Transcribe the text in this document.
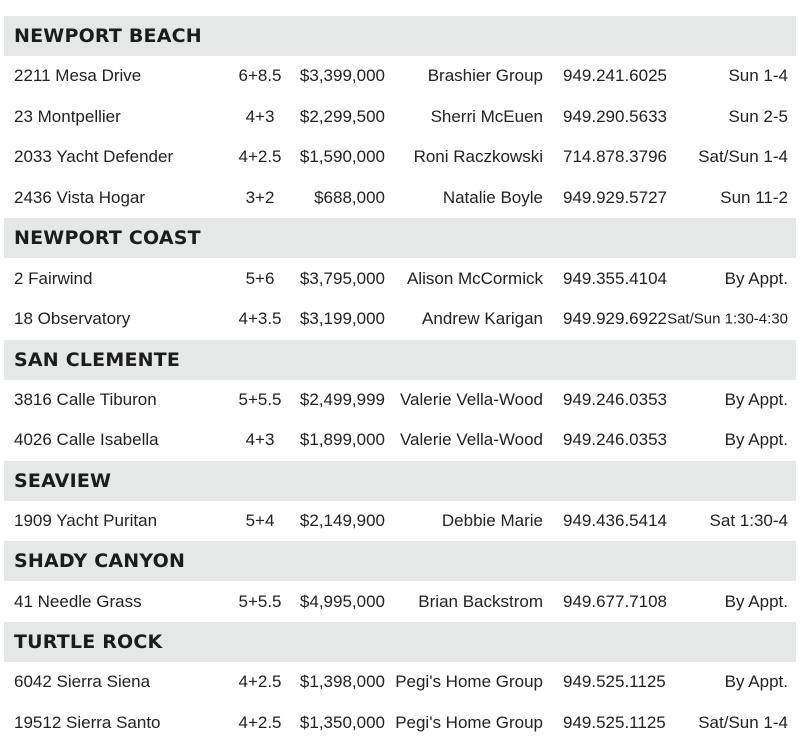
NEWPORT BEACH
2211 Mesa Drive	6+8.5 $3,399,000	Brashier Group 949.241.6025	Sun 1-4
23 Montpellier	4+3	$2,299,500	Sherri McEuen 949.290.5633	Sun 2-5
2033 Yacht Defender	4+2.5 $1,590,000 Roni Raczkowski 714.878.3796 Sat/Sun 1-4
2436 Vista Hogar	3+2	$688,000	Natalie Boyle 949.929.5727	Sun 11-2
NEWPORT COAST
2 Fairwind	5+6	$3,795,000 Alison McCormick 949.355.4104	By Appt.
18 Observatory	4+3.5 $3,199,000 Andrew Karigan 949.929.6922 Sat/Sun 1:30-4:30
SAN CLEMENTE
3816 Calle Tiburon	5+5.5 $2,499,999 Valerie Vella-Wood 949.246.0353	By Appt.
4026 Calle Isabella	4+3	$1,899,000 Valerie Vella-Wood 949.246.0353	By Appt.
SEAVIEW
1909 Yacht Puritan	5+4	$2,149,900	Debbie Marie 949.436.5414	Sat 1:30-4
SHADY CANYON
41 Needle Grass	5+5.5 $4,995,000 Brian Backstrom 949.677.7108	By Appt.
TURTLE ROCK
6042 Sierra Siena	4+2.5 $1,398,000 Pegi's Home Group 949.525.1125	By Appt.
19512 Sierra Santo	4+2.5 $1,350,000 Pegi's Home Group 949.525.1125 Sat/Sun 1-4
